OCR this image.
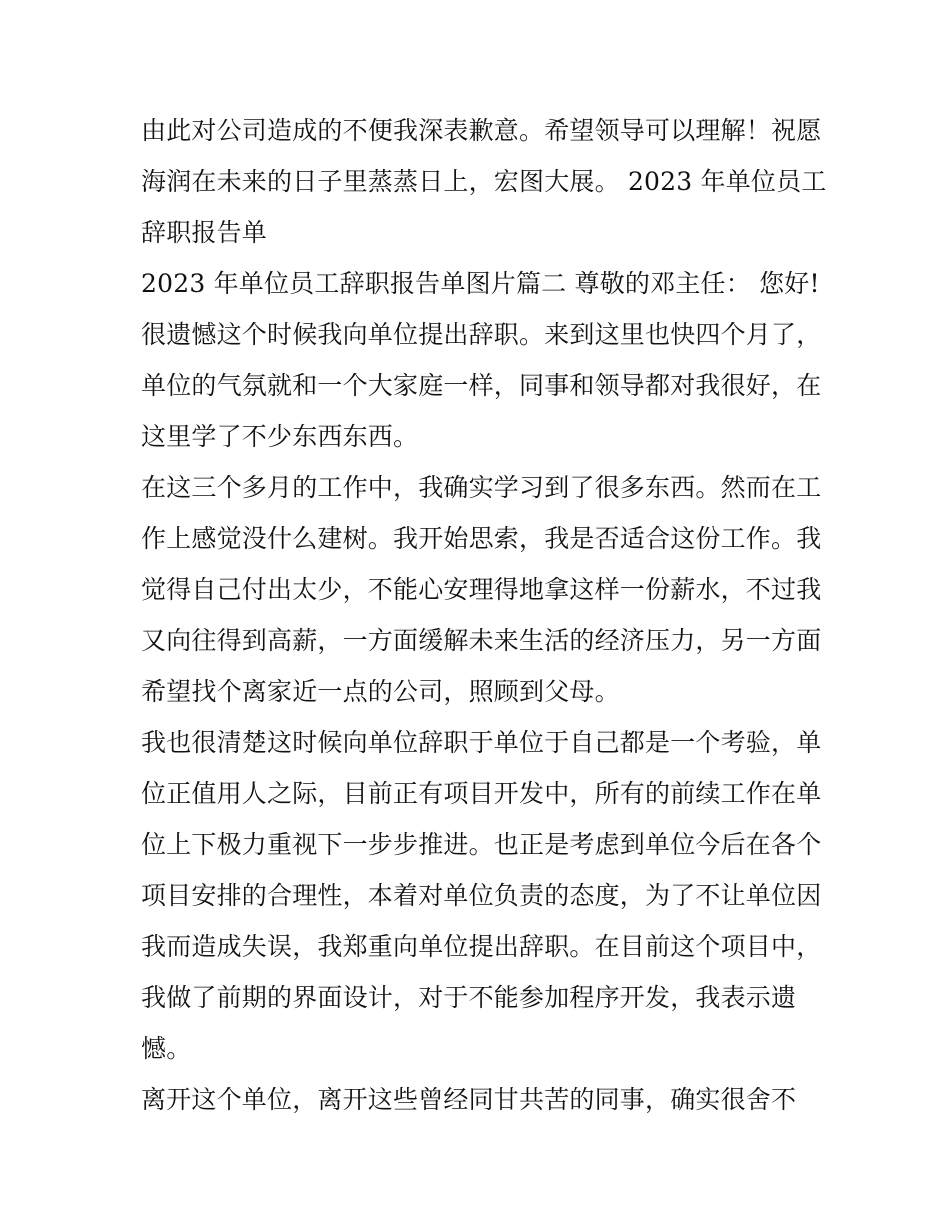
由此对公司造成的不便我深表歉意。希望领导可以理解！祝愿
海润在未来的日子里蒸蒸日上，宏图大展。 2023 年单位员工
辞职报告单
2023 年单位员工辞职报告单图片篇二 尊敬的邓主任： 您好!
很遗憾这个时候我向单位提出辞职。来到这里也快四个月了，
单位的气氛就和一个大家庭一样，同事和领导都对我很好，在
这里学了不少东西东西。
在这三个多月的工作中，我确实学习到了很多东西。然而在工
作上感觉没什么建树。我开始思索，我是否适合这份工作。我
觉得自己付出太少，不能心安理得地拿这样一份薪水，不过我
又向往得到高薪，一方面缓解未来生活的经济压力，另一方面
希望找个离家近一点的公司，照顾到父母。
我也很清楚这时候向单位辞职于单位于自己都是一个考验，单
位正值用人之际，目前正有项目开发中，所有的前续工作在单
位上下极力重视下一步步推进。也正是考虑到单位今后在各个
项目安排的合理性，本着对单位负责的态度，为了不让单位因
我而造成失误，我郑重向单位提出辞职。在目前这个项目中，
我做了前期的界面设计，对于不能参加程序开发，我表示遗
憾。
离开这个单位，离开这些曾经同甘共苦的同事，确实很舍不
